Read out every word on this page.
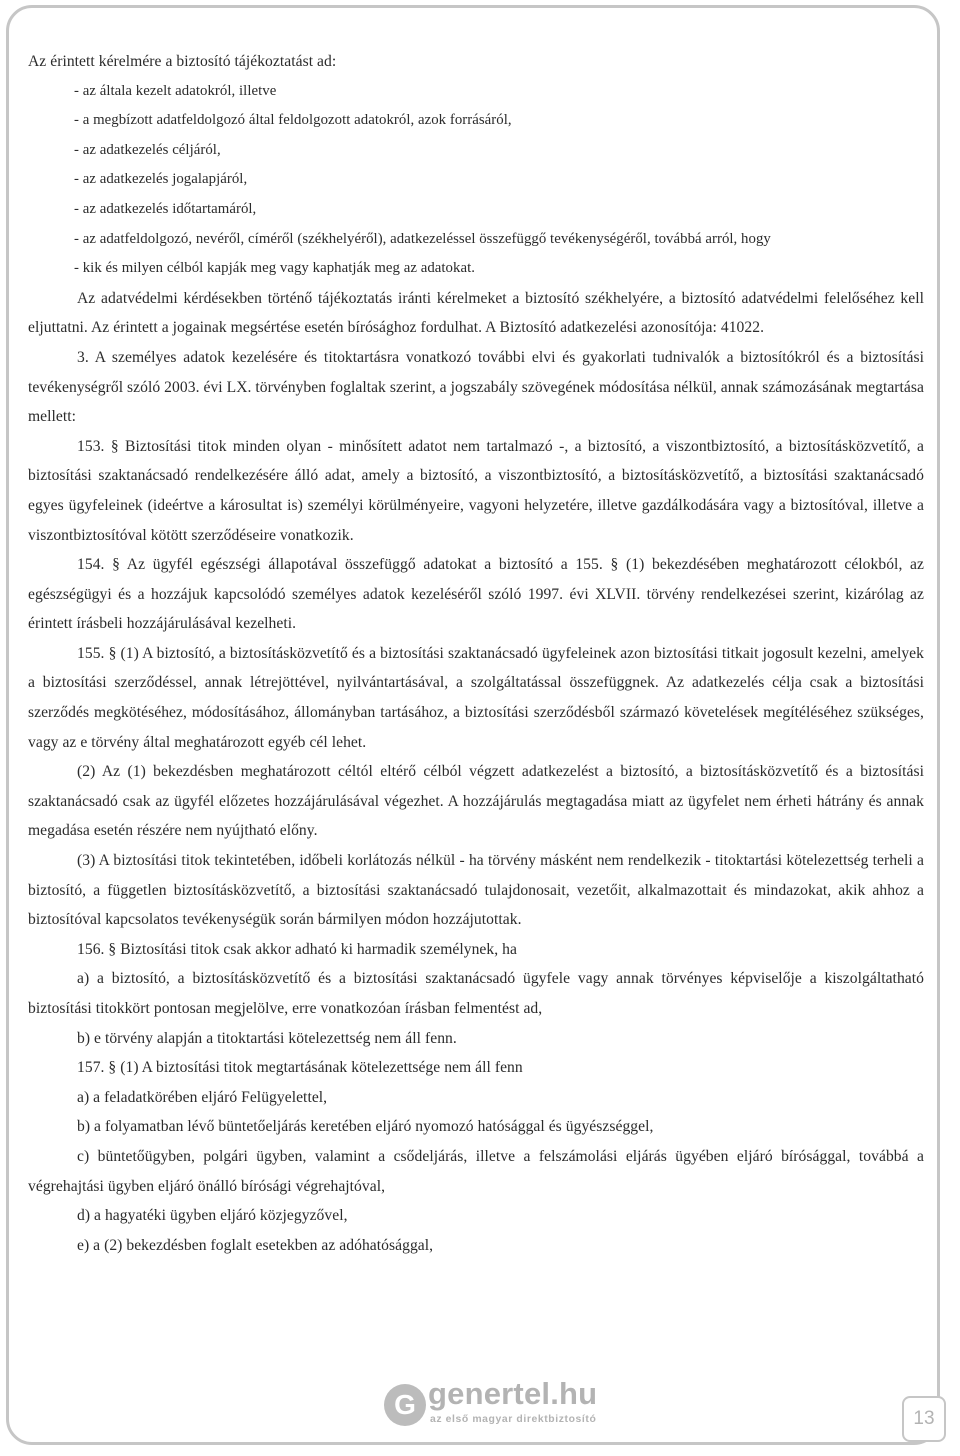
Az érintett kérelmére a biztosító tájékoztatást ad:

- az általa kezelt adatokról, illetve

- a megbízott adatfeldolgozó által feldolgozott adatokról, azok forrásáról,

- az adatkezelés céljáról,

- az adatkezelés jogalapjáról,

- az adatkezelés időtartamáról,

- az adatfeldolgozó, nevéről, címéről (székhelyéről), adatkezeléssel összefüggő tevékenységéről, továbbá arról, hogy

- kik és milyen célból kapják meg vagy kaphatják meg az adatokat.

Az adatvédelmi kérdésekben történő tájékoztatás iránti kérelmeket a biztosító székhelyére, a biztosító adatvédelmi felelőséhez kell eljuttatni. Az érintett a jogainak megsértése esetén bírósághoz fordulhat. A Biztosító adatkezelési azonosítója: 41022.

3. A személyes adatok kezelésére és titoktartásra vonatkozó további elvi és gyakorlati tudnivalók a biztosítókról és a biztosítási tevékenységről szóló 2003. évi LX. törvényben foglaltak szerint, a jogszabály szövegének módosítása nélkül, annak számozásának megtartása mellett:

153. § Biztosítási titok minden olyan - minősített adatot nem tartalmazó -, a biztosító, a viszontbiztosító, a biztosításközvetítő, a biztosítási szaktanácsadó rendelkezésére álló adat, amely a biztosító, a viszontbiztosító, a biztosításközvetítő, a biztosítási szaktanácsadó egyes ügyfeleinek (ideértve a károsultat is) személyi körülményeire, vagyoni helyzetére, illetve gazdálkodására vagy a biztosítóval, illetve a viszontbiztosítóval kötött szerződéseire vonatkozik.

154. § Az ügyfél egészségi állapotával összefüggő adatokat a biztosító a 155. § (1) bekezdésében meghatározott célokból, az egészségügyi és a hozzájuk kapcsolódó személyes adatok kezeléséről szóló 1997. évi XLVII. törvény rendelkezései szerint, kizárólag az érintett írásbeli hozzájárulásával kezelheti.

155. § (1) A biztosító, a biztosításközvetítő és a biztosítási szaktanácsadó ügyfeleinek azon biztosítási titkait jogosult kezelni, amelyek a biztosítási szerződéssel, annak létrejöttével, nyilvántartásával, a szolgáltatással összefüggnek. Az adatkezelés célja csak a biztosítási szerződés megkötéséhez, módosításához, állományban tartásához, a biztosítási szerződésből származó követelések megítéléséhez szükséges, vagy az e törvény által meghatározott egyéb cél lehet.

(2) Az (1) bekezdésben meghatározott céltól eltérő célból végzett adatkezelést a biztosító, a biztosításközvetítő és a biztosítási szaktanácsadó csak az ügyfél előzetes hozzájárulásával végezhet. A hozzájárulás megtagadása miatt az ügyfelet nem érheti hátrány és annak megadása esetén részére nem nyújtható előny.

(3) A biztosítási titok tekintetében, időbeli korlátozás nélkül - ha törvény másként nem rendelkezik - titoktartási kötelezettség terheli a biztosító, a független biztosításközvetítő, a biztosítási szaktanácsadó tulajdonosait, vezetőit, alkalmazottait és mindazokat, akik ahhoz a biztosítóval kapcsolatos tevékenységük során bármilyen módon hozzájutottak.

156. § Biztosítási titok csak akkor adható ki harmadik személynek, ha

a) a biztosító, a biztosításközvetítő és a biztosítási szaktanácsadó ügyfele vagy annak törvényes képviselője a kiszolgáltatható biztosítási titokkört pontosan megjelölve, erre vonatkozóan írásban felmentést ad,

b) e törvény alapján a titoktartási kötelezettség nem áll fenn.

157. § (1) A biztosítási titok megtartásának kötelezettsége nem áll fenn

a) a feladatkörében eljáró Felügyelettel,

b) a folyamatban lévő büntetőeljárás keretében eljáró nyomozó hatósággal és ügyészséggel,

c) büntetőügyben, polgári ügyben, valamint a csődeljárás, illetve a felszámolási eljárás ügyében eljáró bírósággal, továbbá a végrehajtási ügyben eljáró önálló bírósági végrehajtóval,

d) a hagyatéki ügyben eljáró közjegyzővel,

e) a (2) bekezdésben foglalt esetekben az adóhatósággal,

G genertel.hu
az első magyar direktbiztosító	13
